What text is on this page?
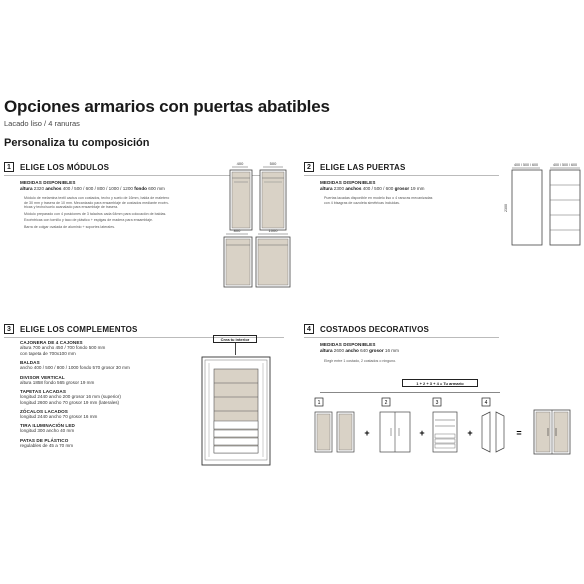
Opciones armarios con puertas abatibles
Lacado liso / 4 ranuras
Personaliza tu composición
1	ELIGE LOS MÓDULOS
MEDIDAS DISPONIBLES
altura 2320 anchos 400 / 500 / 600 / 800 / 1000 / 1200 fondo 600 mm
Módulo de melamina textil cactus con costados, techo y suelo de 16mm, balda de maletero
de 30 mm y trasera de 10 mm. Mecanizado para ensamblaje de costados mediante excén-
tricas y techo/suelo acanalado para ensamblaje de trasera.
Módulo preparado con 4 posiciones de 3 taladros cada 64mm para colocación de baldas.
Excéntricas con tornillo y taco de plástico + espigas de madera para ensamblaje.
Barra de colgar ovalada de aluminio + soportes laterales.
400	500
800	1000
2	ELIGE LAS PUERTAS
MEDIDAS DISPONIBLES
altura 2300 anchos 400 / 500 / 600 grosor 19 mm
Puertas lacadas disponible en modelo liso o 4 ranuras mecanizadas
con 4 bisagras de cazoleta simétricas incluidas.
400 / 500 / 600
2300
400 / 500 / 600
3	ELIGE LOS COMPLEMENTOS
CAJONERA DE 4 CAJONES
altura 700 ancho 450 / 700 fondo 500 mm
con tapeta de 700x100 mm
BALDAS
ancho 400 / 500 / 800 / 1000 fondo 570 grosor 30 mm
DIVISOR VERTICAL
altura 1858 fondo 565 grosor 19 mm
TAPETAS LACADAS
longitud 2440 ancho 200 grosor 16 mm (superior)
longitud 2600 ancho 70 grosor 19 mm (laterales)
ZÓCALOS LACADOS
longitud 2440 ancho 70 grosor 16 mm
TIRA ILUMINACIÓN LED
longitud 300 ancho 40 mm
PATAS DE PLÁSTICO
regulables de 45 a 70 mm
Crea tu interior
4	COSTADOS DECORATIVOS
MEDIDAS DISPONIBLES
altura 2600 ancho 640 grosor 16 mm
Elegir entre 1 costado, 2 costados o ninguno.
1 + 2 + 3 + 4 = Tu armario
1
+
2
+
3
+
4
=
